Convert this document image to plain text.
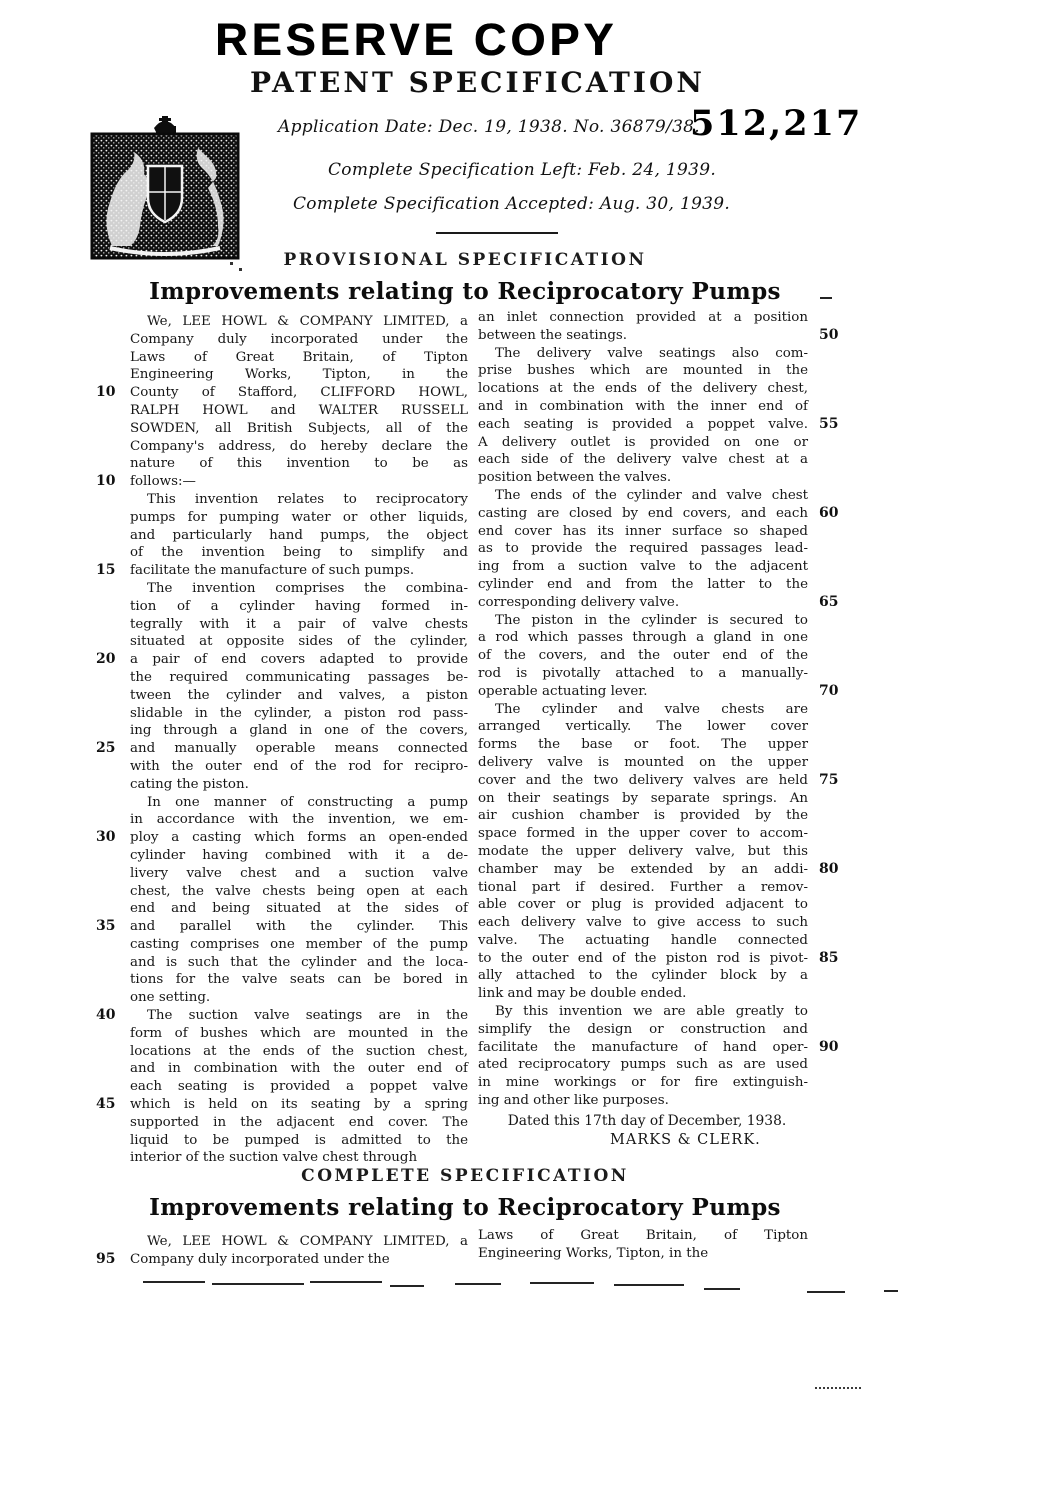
RESERVE COPY
PATENT SPECIFICATION
Application Date: Dec. 19, 1938. No. 36879/38.
512,217
Complete Specification Left: Feb. 24, 1939.
Complete Specification Accepted: Aug. 30, 1939.
PROVISIONAL SPECIFICATION
Improvements relating to Reciprocatory Pumps
We, LEE HOWL & COMPANY LIMITED, a
Company duly incorporated under the
Laws of Great Britain, of Tipton
Engineering Works, Tipton, in the
County of Stafford, CLIFFORD HOWL,
RALPH HOWL and WALTER RUSSELL
SOWDEN, all British Subjects, all of the
Company's address, do hereby declare the
nature of this invention to be as
follows:—
This invention relates to reciprocatory
pumps for pumping water or other liquids,
and particularly hand pumps, the object
of the invention being to simplify and
facilitate the manufacture of such pumps.
The invention comprises the combina-
tion of a cylinder having formed in-
tegrally with it a pair of valve chests
situated at opposite sides of the cylinder,
a pair of end covers adapted to provide
the required communicating passages be-
tween the cylinder and valves, a piston
slidable in the cylinder, a piston rod pass-
ing through a gland in one of the covers,
and manually operable means connected
with the outer end of the rod for recipro-
cating the piston.
In one manner of constructing a pump
in accordance with the invention, we em-
ploy a casting which forms an open-ended
cylinder having combined with it a de-
livery valve chest and a suction valve
chest, the valve chests being open at each
end and being situated at the sides of
and parallel with the cylinder. This
casting comprises one member of the pump
and is such that the cylinder and the loca-
tions for the valve seats can be bored in
one setting.
The suction valve seatings are in the
form of bushes which are mounted in the
locations at the ends of the suction chest,
and in combination with the outer end of
each seating is provided a poppet valve
which is held on its seating by a spring
supported in the adjacent end cover. The
liquid to be pumped is admitted to the
interior of the suction valve chest through
10
10
15
20
25
30
35
40
45
an inlet connection provided at a position
between the seatings.
The delivery valve seatings also com-
prise bushes which are mounted in the
locations at the ends of the delivery chest,
and in combination with the inner end of
each seating is provided a poppet valve.
A delivery outlet is provided on one or
each side of the delivery valve chest at a
position between the valves.
The ends of the cylinder and valve chest
casting are closed by end covers, and each
end cover has its inner surface so shaped
as to provide the required passages lead-
ing from a suction valve to the adjacent
cylinder end and from the latter to the
corresponding delivery valve.
The piston in the cylinder is secured to
a rod which passes through a gland in one
of the covers, and the outer end of the
rod is pivotally attached to a manually-
operable actuating lever.
The cylinder and valve chests are
arranged vertically. The lower cover
forms the base or foot. The upper
delivery valve is mounted on the upper
cover and the two delivery valves are held
on their seatings by separate springs. An
air cushion chamber is provided by the
space formed in the upper cover to accom-
modate the upper delivery valve, but this
chamber may be extended by an addi-
tional part if desired. Further a remov-
able cover or plug is provided adjacent to
each delivery valve to give access to such
valve. The actuating handle connected
to the outer end of the piston rod is pivot-
ally attached to the cylinder block by a
link and may be double ended.
By this invention we are able greatly to
simplify the design or construction and
facilitate the manufacture of hand oper-
ated reciprocatory pumps such as are used
in mine workings or for fire extinguish-
ing and other like purposes.
50
55
60
65
70
75
80
85
90
Dated this 17th day of December, 1938.
MARKS & CLERK.
COMPLETE SPECIFICATION
Improvements relating to Reciprocatory Pumps
We, LEE HOWL & COMPANY LIMITED, a
Company duly incorporated under the
95
Laws of Great Britain, of Tipton
Engineering Works, Tipton, in the
